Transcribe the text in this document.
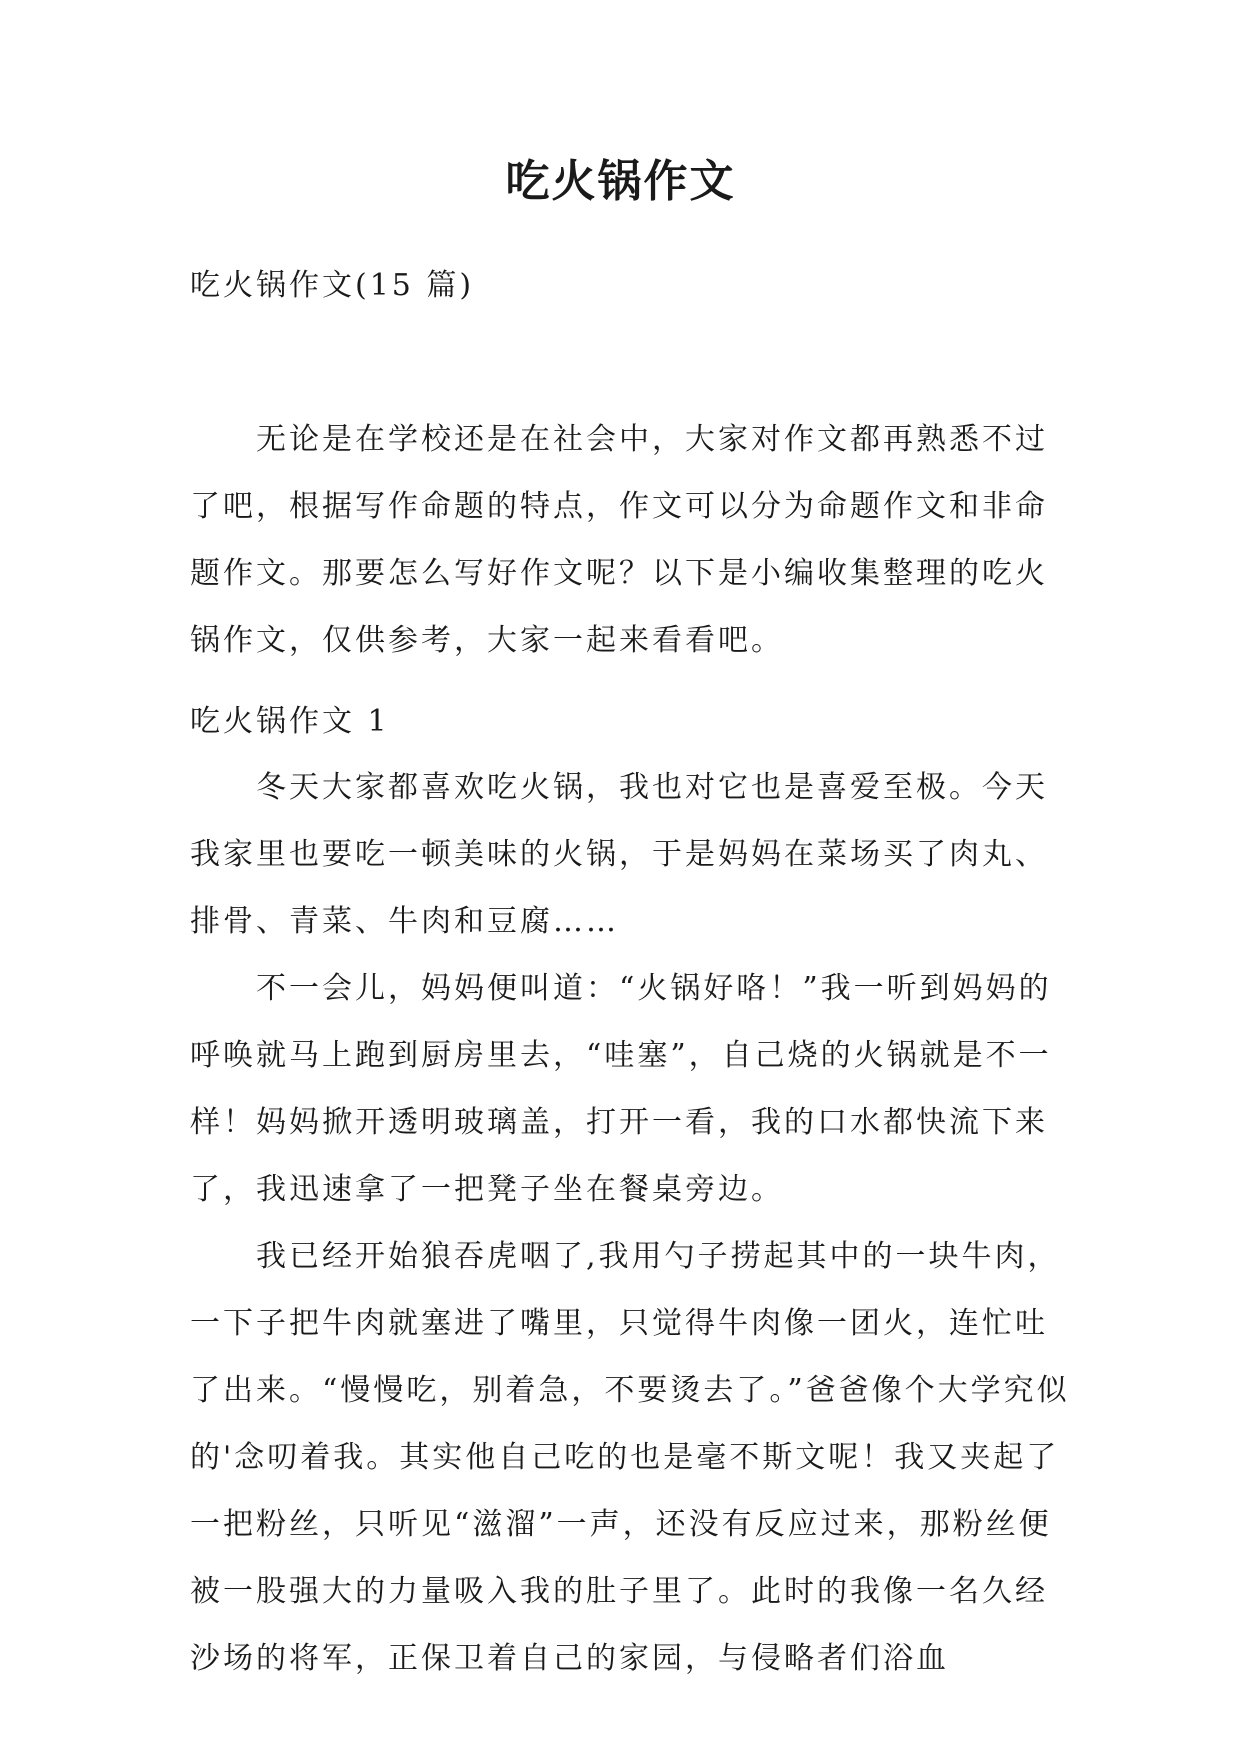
吃火锅作文
吃火锅作文(15 篇)

无论是在学校还是在社会中，大家对作文都再熟悉不过了吧，根据写作命题的特点，作文可以分为命题作文和非命题作文。那要怎么写好作文呢？以下是小编收集整理的吃火锅作文，仅供参考，大家一起来看看吧。

吃火锅作文 1

冬天大家都喜欢吃火锅，我也对它也是喜爱至极。今天我家里也要吃一顿美味的火锅，于是妈妈在菜场买了肉丸、排骨、青菜、牛肉和豆腐……

不一会儿，妈妈便叫道：“火锅好咯！”我一听到妈妈的呼唤就马上跑到厨房里去，“哇塞”，自己烧的火锅就是不一样！妈妈掀开透明玻璃盖，打开一看，我的口水都快流下来了，我迅速拿了一把凳子坐在餐桌旁边。

我已经开始狼吞虎咽了,我用勺子捞起其中的一块牛肉，一下子把牛肉就塞进了嘴里，只觉得牛肉像一团火，连忙吐了出来。“慢慢吃，别着急，不要烫去了。”爸爸像个大学究似的'念叨着我。其实他自己吃的也是毫不斯文呢！我又夹起了一把粉丝，只听见“滋溜”一声，还没有反应过来，那粉丝便被一股强大的力量吸入我的肚子里了。此时的我像一名久经沙场的将军，正保卫着自己的家园，与侵略者们浴血
